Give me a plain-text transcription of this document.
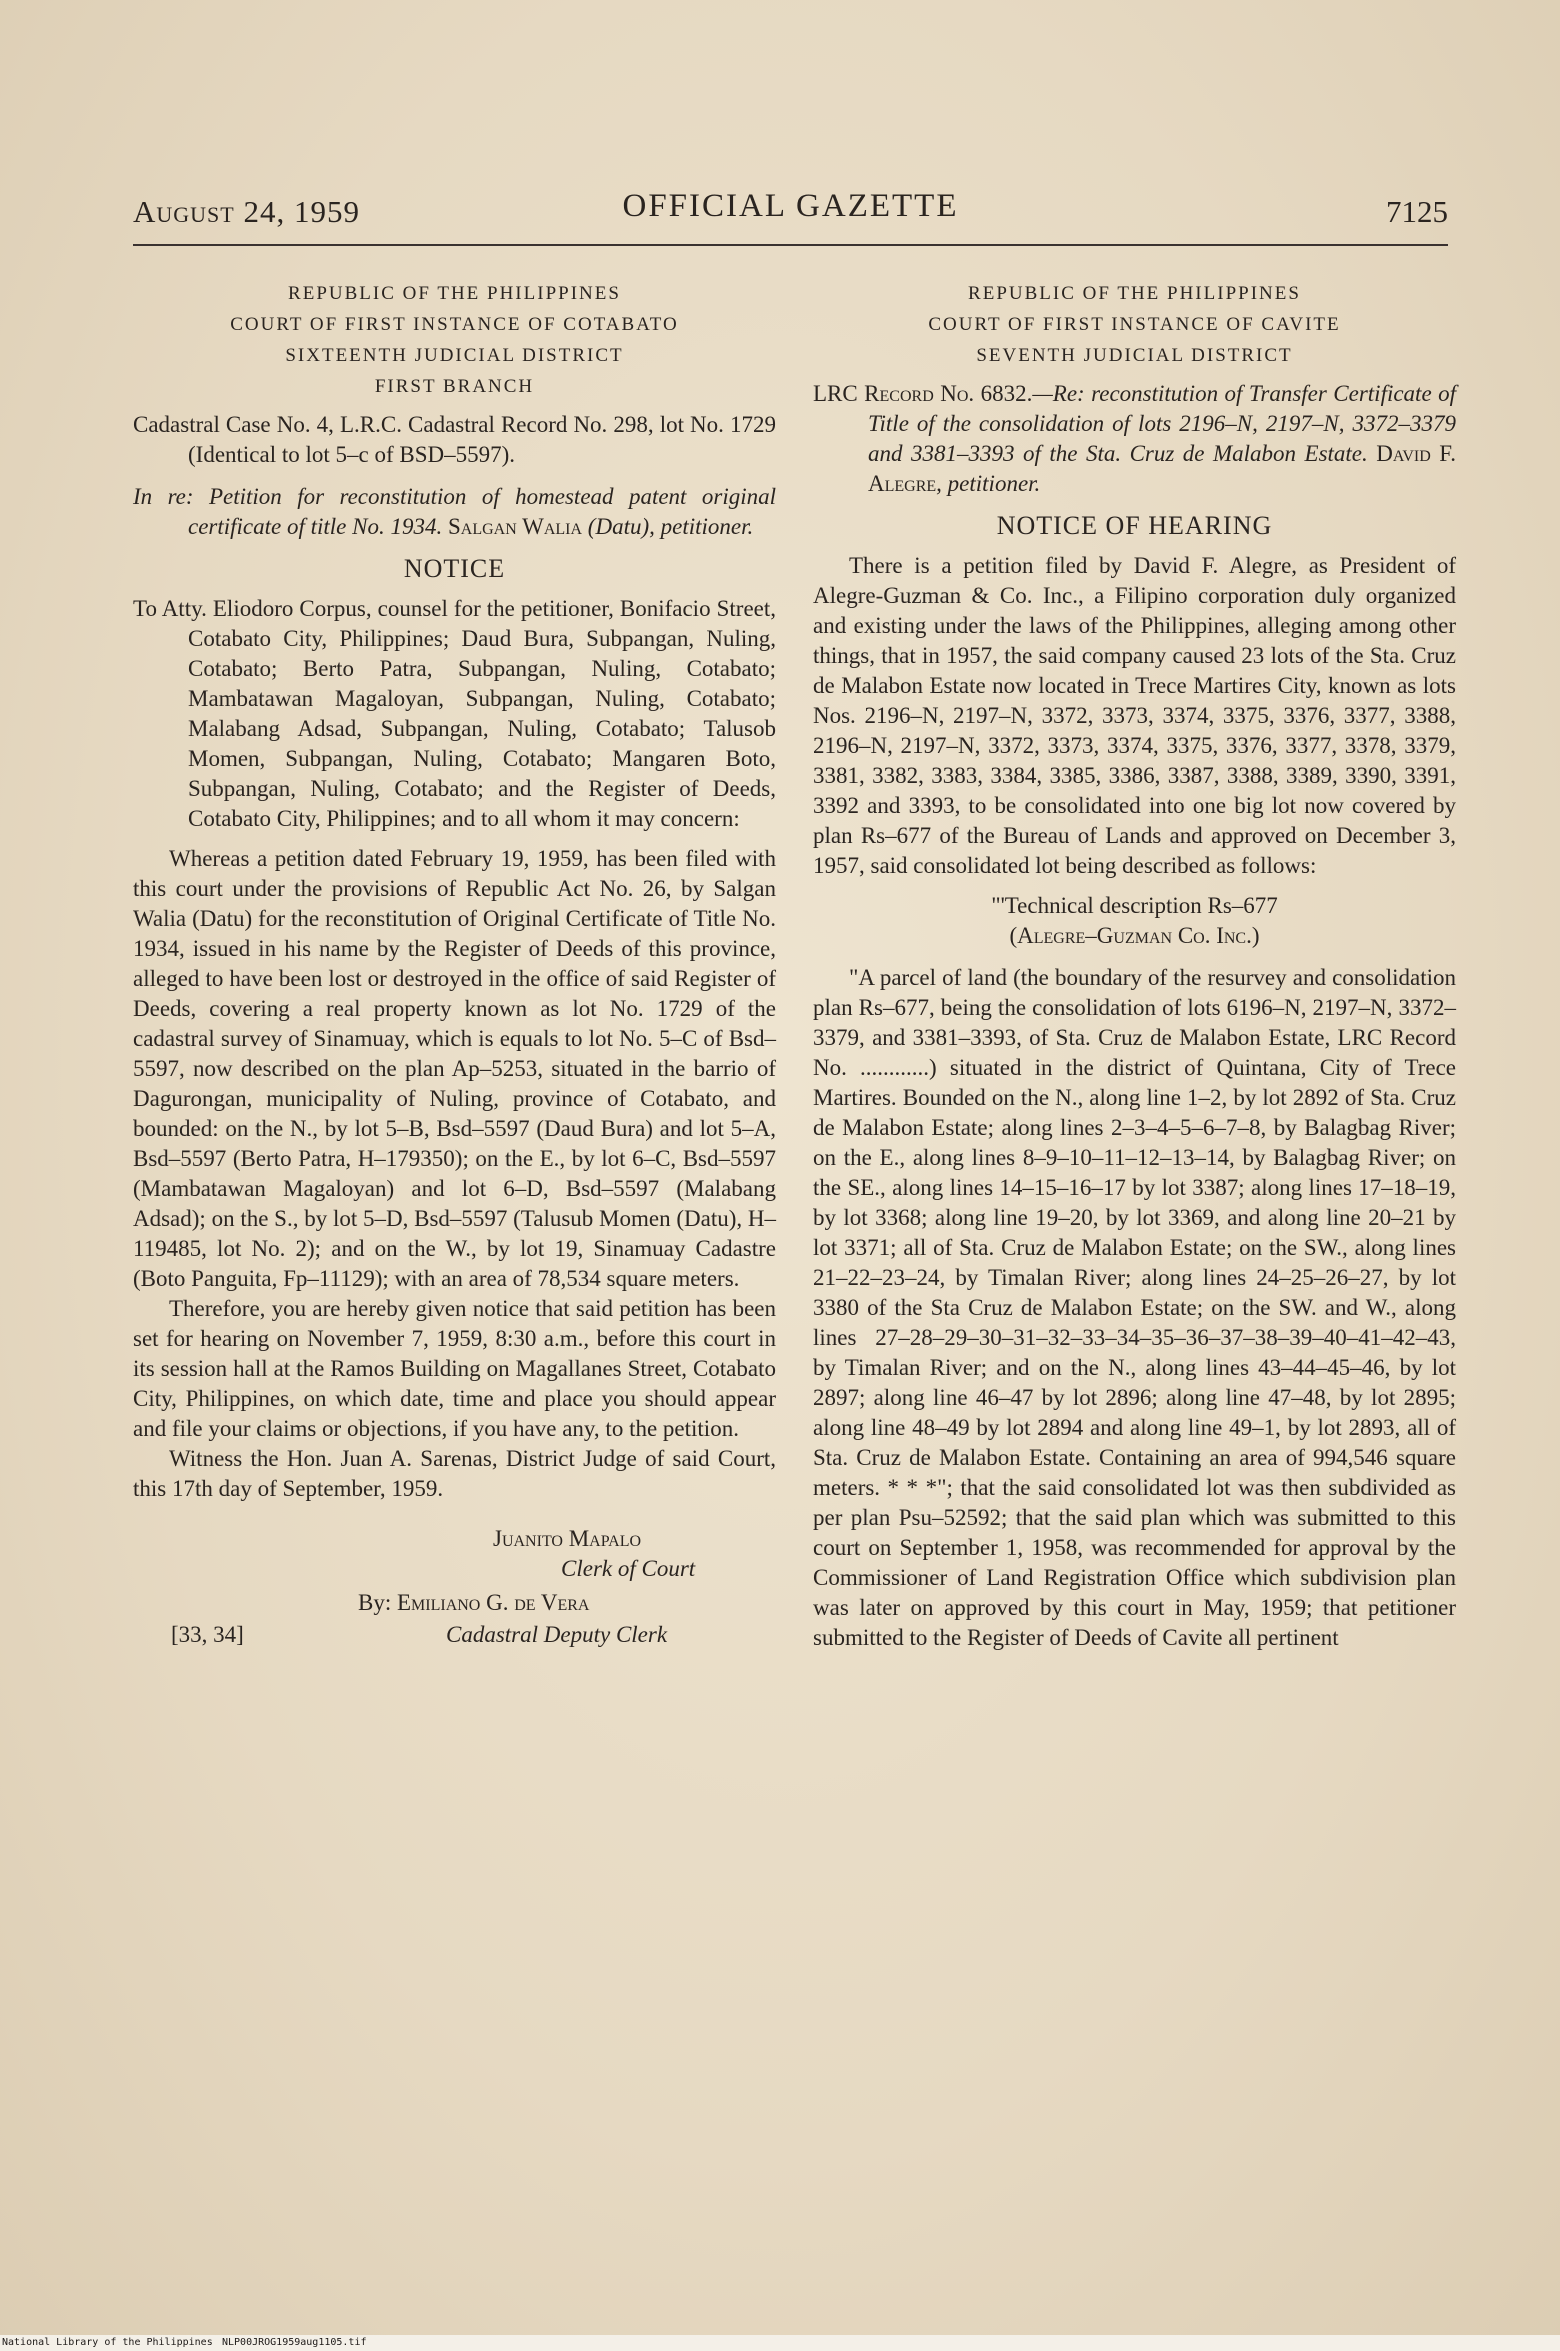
August 24, 1959	OFFICIAL GAZETTE	7125
REPUBLIC OF THE PHILIPPINES
COURT OF FIRST INSTANCE OF COTABATO
SIXTEENTH JUDICIAL DISTRICT
FIRST BRANCH

Cadastral Case No. 4, L.R.C. Cadastral Record No. 298, lot No. 1729 (Identical to lot 5–c of BSD–5597).

In re: Petition for reconstitution of homestead patent original certificate of title No. 1934. Salgan Walia (Datu), petitioner.

NOTICE

To Atty. Eliodoro Corpus, counsel for the petitioner, Bonifacio Street, Cotabato City, Philippines; Daud Bura, Subpangan, Nuling, Cotabato; Berto Patra, Subpangan, Nuling, Cotabato; Mambatawan Magaloyan, Subpangan, Nuling, Cotabato; Malabang Adsad, Subpangan, Nuling, Cotabato; Talusob Momen, Subpangan, Nuling, Cotabato; Mangaren Boto, Subpangan, Nuling, Cotabato; and the Register of Deeds, Cotabato City, Philippines; and to all whom it may concern:

Whereas a petition dated February 19, 1959, has been filed with this court under the provisions of Republic Act No. 26, by Salgan Walia (Datu) for the reconstitution of Original Certificate of Title No. 1934, issued in his name by the Register of Deeds of this province, alleged to have been lost or destroyed in the office of said Register of Deeds, covering a real property known as lot No. 1729 of the cadastral survey of Sinamuay, which is equals to lot No. 5–C of Bsd–5597, now described on the plan Ap–5253, situated in the barrio of Dagurongan, municipality of Nuling, province of Cotabato, and bounded: on the N., by lot 5–B, Bsd–5597 (Daud Bura) and lot 5–A, Bsd–5597 (Berto Patra, H–179350); on the E., by lot 6–C, Bsd–5597 (Mambatawan Magaloyan) and lot 6–D, Bsd–5597 (Malabang Adsad); on the S., by lot 5–D, Bsd–5597 (Talusub Momen (Datu), H–119485, lot No. 2); and on the W., by lot 19, Sinamuay Cadastre (Boto Panguita, Fp–11129); with an area of 78,534 square meters.

Therefore, you are hereby given notice that said petition has been set for hearing on November 7, 1959, 8:30 a.m., before this court in its session hall at the Ramos Building on Magallanes Street, Cotabato City, Philippines, on which date, time and place you should appear and file your claims or objections, if you have any, to the petition.

Witness the Hon. Juan A. Sarenas, District Judge of said Court, this 17th day of September, 1959.

Juanito Mapalo
Clerk of Court
By: Emiliano G. de Vera
Cadastral Deputy Clerk
[33, 34]
REPUBLIC OF THE PHILIPPINES
COURT OF FIRST INSTANCE OF CAVITE
SEVENTH JUDICIAL DISTRICT

LRC Record No. 6832.—Re: reconstitution of Transfer Certificate of Title of the consolidation of lots 2196–N, 2197–N, 3372–3379 and 3381–3393 of the Sta. Cruz de Malabon Estate. David F. Alegre, petitioner.

NOTICE OF HEARING

There is a petition filed by David F. Alegre, as President of Alegre-Guzman & Co. Inc., a Filipino corporation duly organized and existing under the laws of the Philippines, alleging among other things, that in 1957, the said company caused 23 lots of the Sta. Cruz de Malabon Estate now located in Trece Martires City, known as lots Nos. 2196–N, 2197–N, 3372, 3373, 3374, 3375, 3376, 3377, 3388, 2196–N, 2197–N, 3372, 3373, 3374, 3375, 3376, 3377, 3378, 3379, 3381, 3382, 3383, 3384, 3385, 3386, 3387, 3388, 3389, 3390, 3391, 3392 and 3393, to be consolidated into one big lot now covered by plan Rs–677 of the Bureau of Lands and approved on December 3, 1957, said consolidated lot being described as follows:

"'Technical description Rs–677
(Alegre–Guzman Co. Inc.)

"A parcel of land (the boundary of the resurvey and consolidation plan Rs–677, being the consolidation of lots 6196–N, 2197–N, 3372–3379, and 3381–3393, of Sta. Cruz de Malabon Estate, LRC Record No. ............) situated in the district of Quintana, City of Trece Martires. Bounded on the N., along line 1–2, by lot 2892 of Sta. Cruz de Malabon Estate; along lines 2–3–4–5–6–7–8, by Balagbag River; on the E., along lines 8–9–10–11–12–13–14, by Balagbag River; on the SE., along lines 14–15–16–17 by lot 3387; along lines 17–18–19, by lot 3368; along line 19–20, by lot 3369, and along line 20–21 by lot 3371; all of Sta. Cruz de Malabon Estate; on the SW., along lines 21–22–23–24, by Timalan River; along lines 24–25–26–27, by lot 3380 of the Sta Cruz de Malabon Estate; on the SW. and W., along lines 27–28–29–30–31–32–33–34–35–36–37–38–39–40–41–42–43, by Timalan River; and on the N., along lines 43–44–45–46, by lot 2897; along line 46–47 by lot 2896; along line 47–48, by lot 2895; along line 48–49 by lot 2894 and along line 49–1, by lot 2893, all of Sta. Cruz de Malabon Estate. Containing an area of 994,546 square meters. * * *"; that the said consolidated lot was then subdivided as per plan Psu–52592; that the said plan which was submitted to this court on September 1, 1958, was recommended for approval by the Commissioner of Land Registration Office which subdivision plan was later on approved by this court in May, 1959; that petitioner submitted to the Register of Deeds of Cavite all pertinent

National Library of the Philippines NLP00JROG1959aug1105.tif
